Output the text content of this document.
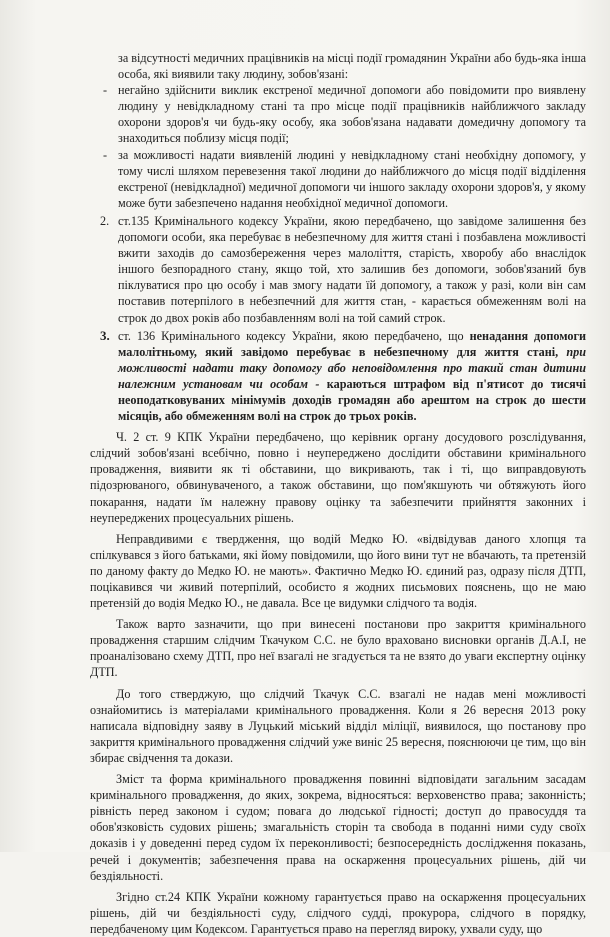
за відсутності медичних працівників на місці події громадянин України або будь-яка інша особа, які виявили таку людину, зобов'язані:

- негайно здійснити виклик екстреної медичної допомоги або повідомити про виявлену людину у невідкладному стані та про місце події працівників найближчого закладу охорони здоров'я чи будь-яку особу, яка зобов'язана надавати домедичну допомогу та знаходиться поблизу місця події;

- за можливості надати виявленій людині у невідкладному стані необхідну допомогу, у тому числі шляхом перевезення такої людини до найближчого до місця події відділення екстреної (невідкладної) медичної допомоги чи іншого закладу охорони здоров'я, у якому може бути забезпечено надання необхідної медичної допомоги.

2. ст.135 Кримінального кодексу України, якою передбачено, що завідоме залишення без допомоги особи, яка перебуває в небезпечному для життя стані і позбавлена можливості вжити заходів до самозбереження через малоліття, старість, хворобу або внаслідок іншого безпорадного стану, якщо той, хто залишив без допомоги, зобов'язаний був піклуватися про цю особу і мав змогу надати їй допомогу, а також у разі, коли він сам поставив потерпілого в небезпечний для життя стан, - карається обмеженням волі на строк до двох років або позбавленням волі на той самий строк.

3. ст. 136 Кримінального кодексу України, якою передбачено, що ненадання допомоги малолітньому, який завідомо перебуває в небезпечному для життя стані, при можливості надати таку допомогу або неповідомлення про такий стан дитини належним установам чи особам - караються штрафом від п'ятисот до тисячі неоподатковуваних мінімумів доходів громадян або арештом на строк до шести місяців, або обмеженням волі на строк до трьох років.

Ч. 2 ст. 9 КПК України передбачено, що керівник органу досудового розслідування, слідчий зобов'язані всебічно, повно і неупереджено дослідити обставини кримінального провадження, виявити як ті обставини, що викривають, так і ті, що виправдовують підозрюваного, обвинуваченого, а також обставини, що пом'якшують чи обтяжують його покарання, надати їм належну правову оцінку та забезпечити прийняття законних і неупереджених процесуальних рішень.

Неправдивими є твердження, що водій Медко Ю. «відвідував даного хлопця та спілкувався з його батьками, які йому повідомили, що його вини тут не вбачають, та претензій по даному факту до Медко Ю. не мають». Фактично Медко Ю. єдиний раз, одразу після ДТП, поцікавився чи живий потерпілий, особисто я жодних письмових пояснень, що не маю претензій до водія Медко Ю., не давала. Все це видумки слідчого та водія.

Також варто зазначити, що при винесені постанови про закриття кримінального провадження старшим слідчим Ткачуком С.С. не було враховано висновки органів Д.А.І, не проаналізовано схему ДТП, про неї взагалі не згадується та не взято до уваги експертну оцінку ДТП.

До того стверджую, що слідчий Ткачук С.С. взагалі не надав мені можливості ознайомитись із матеріалами кримінального провадження. Коли я 26 вересня 2013 року написала відповідну заяву в Луцький міський відділ міліції, виявилося, що постанову про закриття кримінального провадження слідчий уже виніс 25 вересня, пояснюючи це тим, що він збирає свідчення та докази.

Зміст та форма кримінального провадження повинні відповідати загальним засадам кримінального провадження, до яких, зокрема, відносяться: верховенство права; законність; рівність перед законом і судом; повага до людської гідності; доступ до правосуддя та обов'язковість судових рішень; змагальність сторін та свобода в поданні ними суду своїх доказів і у доведенні перед судом їх переконливості; безпосередність дослідження показань, речей і документів; забезпечення права на оскарження процесуальних рішень, дій чи бездіяльності.

Згідно ст.24 КПК України кожному гарантується право на оскарження процесуальних рішень, дій чи бездіяльності суду, слідчого судді, прокурора, слідчого в порядку, передбаченому цим Кодексом. Гарантується право на перегляд вироку, ухвали суду, що
